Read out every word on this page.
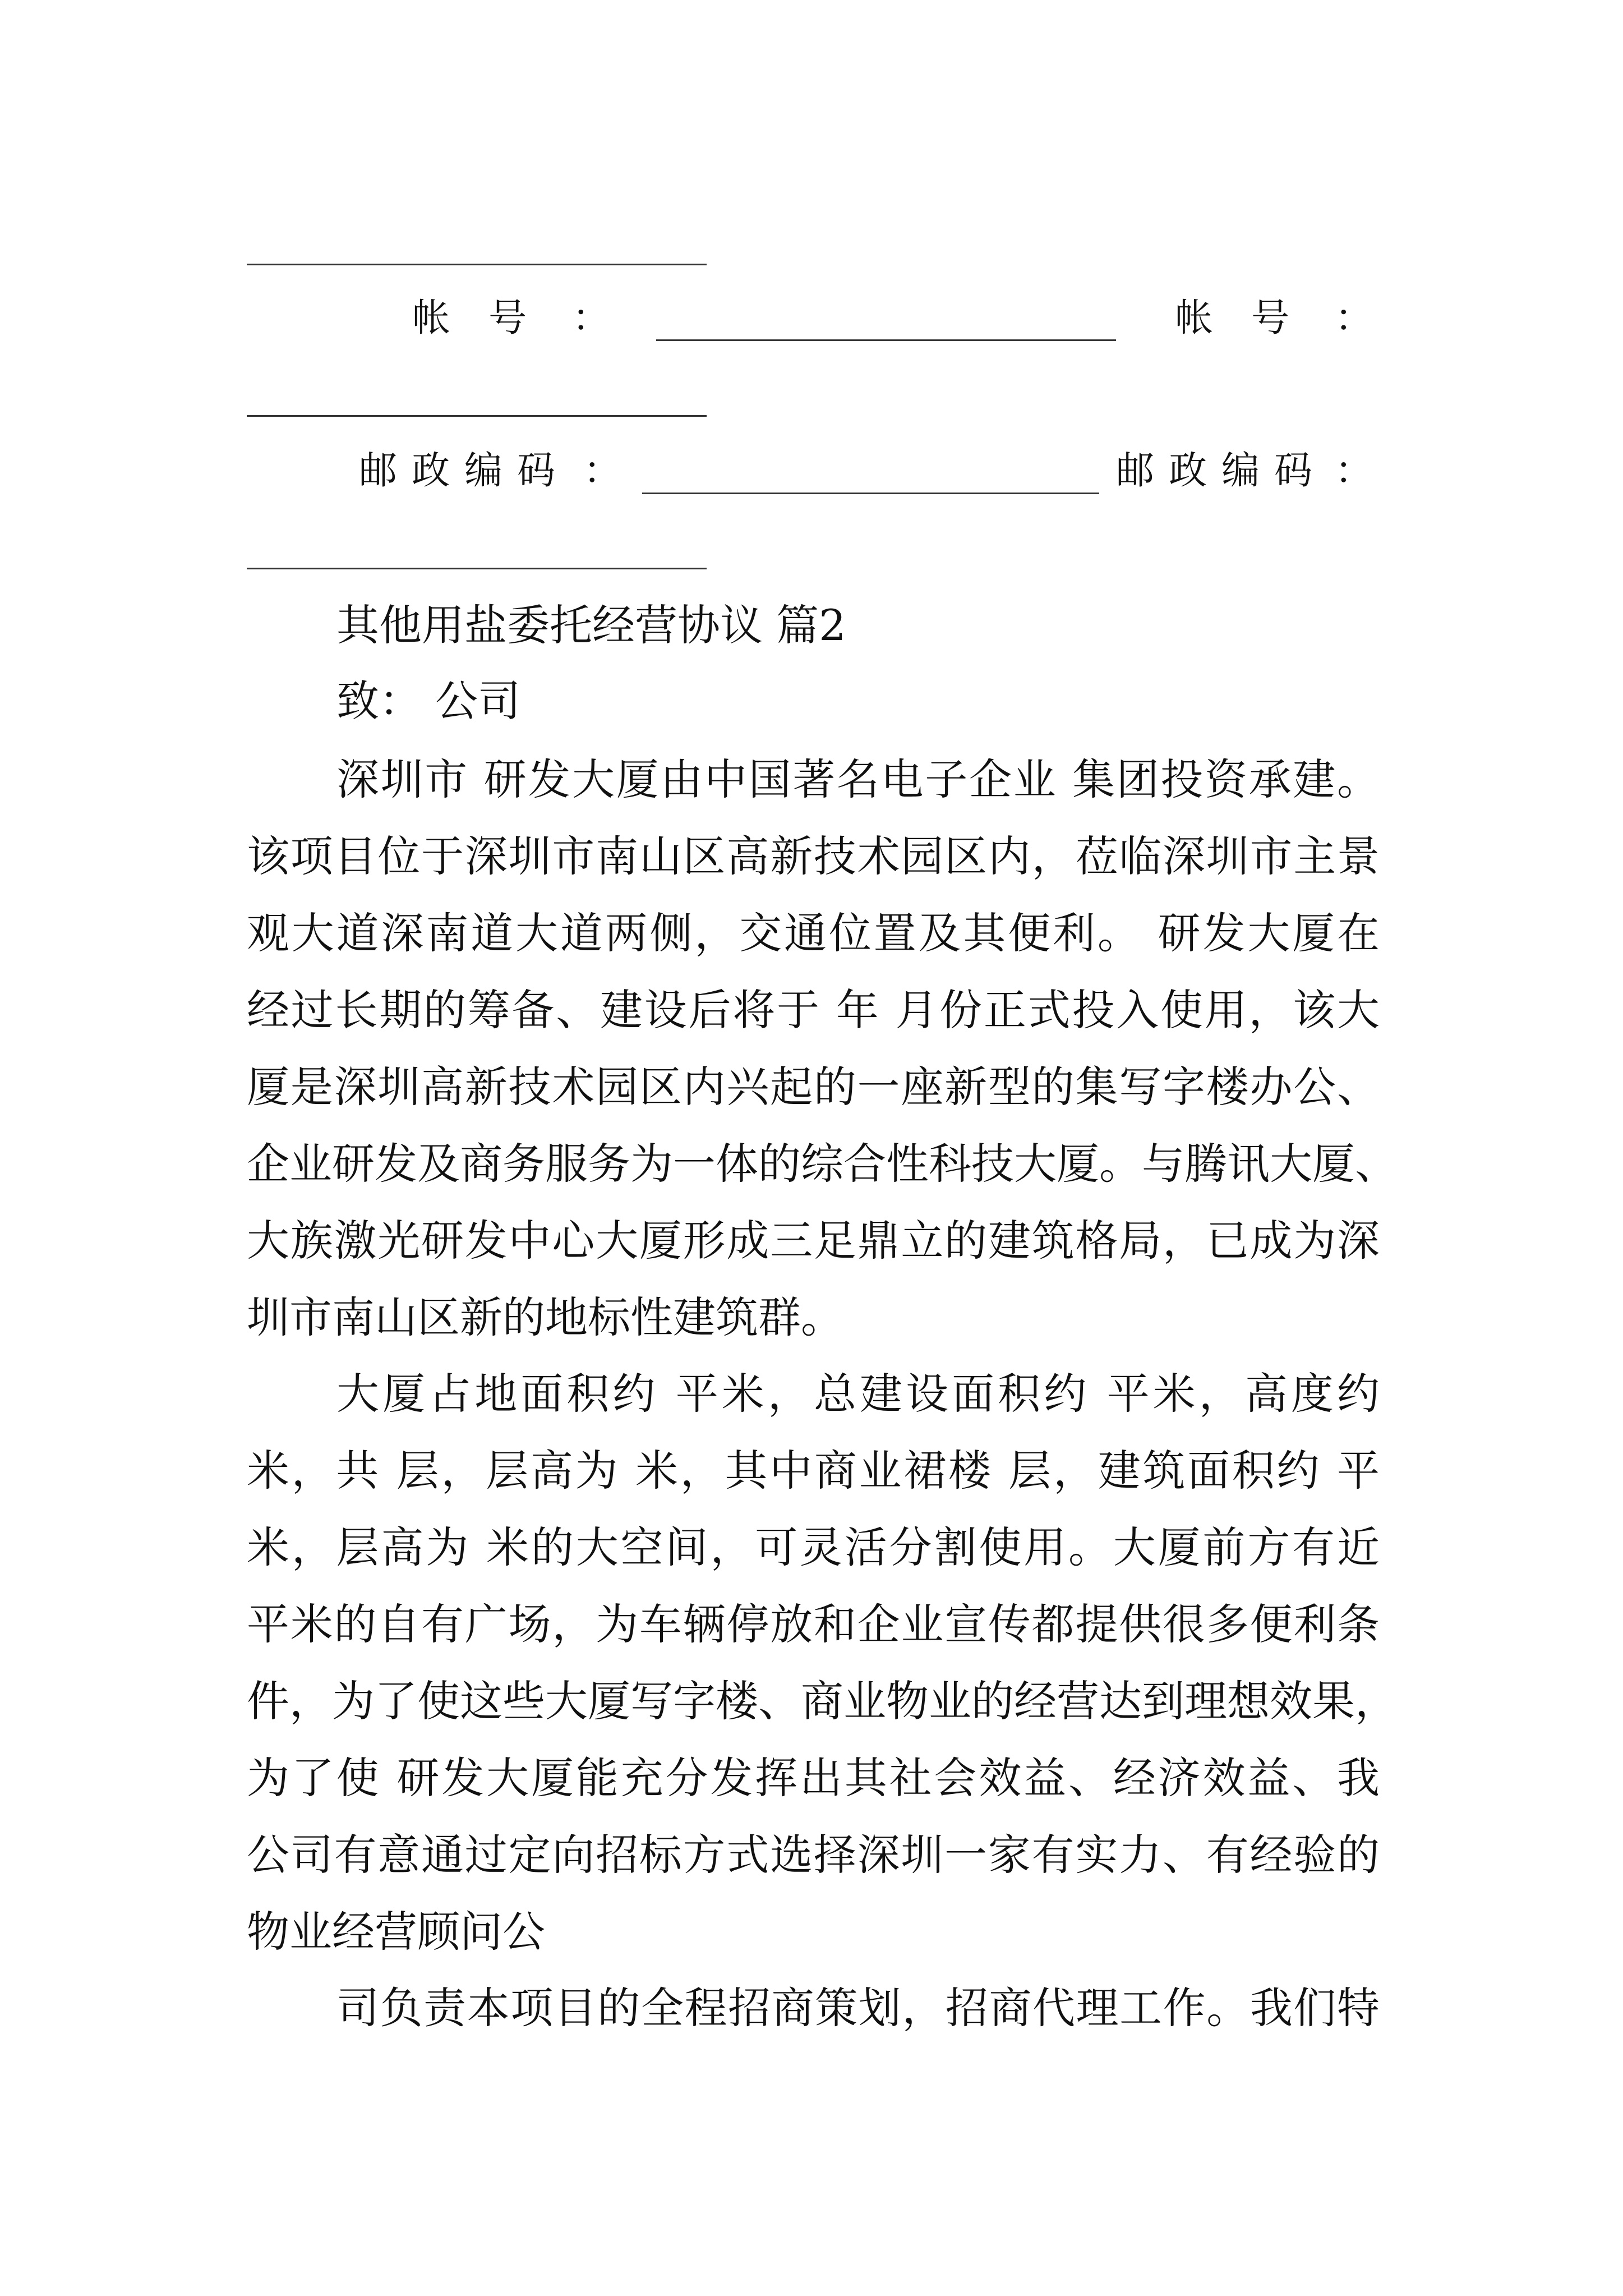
帐号 ：	帐号 ：
邮政编码 ：	邮政编码 ：
其他用盐委托经营协议 篇2
致： 公司
深圳市 研发大厦由中国著名电子企业 集团投资承建。
该项目位于深圳市南山区高新技术园区内，莅临深圳市主景
观大道深南道大道两侧，交通位置及其便利。 研发大厦在
经过长期的筹备、建设后将于 年 月份正式投入使用，该大
厦是深圳高新技术园区内兴起的一座新型的集写字楼办公、
企业研发及商务服务为一体的综合性科技大厦。与腾讯大厦、
大族激光研发中心大厦形成三足鼎立的建筑格局，已成为深
圳市南山区新的地标性建筑群。
大厦占地面积约 平米，总建设面积约 平米，高度约
米，共 层，层高为 米，其中商业裙楼 层，建筑面积约 平
米，层高为 米的大空间，可灵活分割使用。大厦前方有近
平米的自有广场，为车辆停放和企业宣传都提供很多便利条
件，为了使这些大厦写字楼、商业物业的经营达到理想效果，
为了使 研发大厦能充分发挥出其社会效益、经济效益、我
公司有意通过定向招标方式选择深圳一家有实力、有经验的
物业经营顾问公
司负责本项目的全程招商策划，招商代理工作。我们特
